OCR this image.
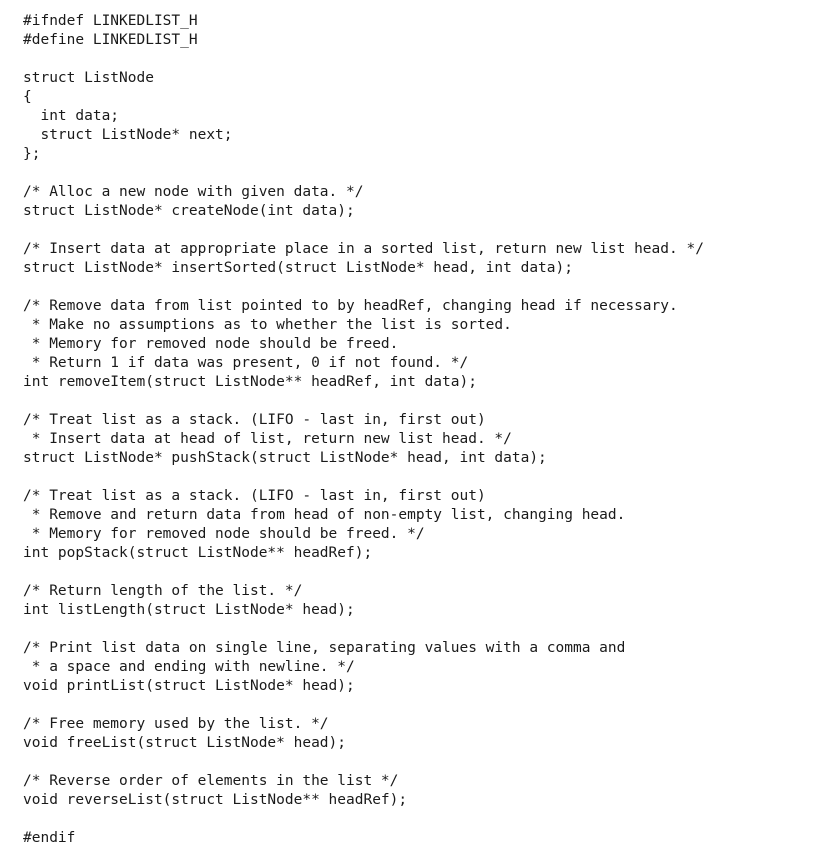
#ifndef LINKEDLIST_H
#define LINKEDLIST_H
struct ListNode
{
int data;
struct ListNode* next;
};
/* Alloc a new node with given data. */
struct ListNode* createNode(int data);
/* Insert data at appropriate place in a sorted list, return new list head. */
struct ListNode* insertSorted(struct ListNode* head, int data);
/* Remove data from list pointed to by headRef, changing head if necessary.
* Make no assumptions as to whether the list is sorted.
* Memory for removed node should be freed.
* Return 1 if data was present, 0 if not found. */
int removeItem(struct ListNode** headRef, int data);
/* Treat list as a stack. (LIFO - last in, first out)
* Insert data at head of list, return new list head. */
struct ListNode* pushStack(struct ListNode* head, int data);
/* Treat list as a stack. (LIFO - last in, first out)
* Remove and return data from head of non-empty list, changing head.
* Memory for removed node should be freed. */
int popStack(struct ListNode** headRef);
/* Return length of the list. */
int listLength(struct ListNode* head);
/* Print list data on single line, separating values with a comma and
* a space and ending with newline. */
void printList(struct ListNode* head);
/* Free memory used by the list. */
void freeList(struct ListNode* head);
/* Reverse order of elements in the list */
void reverseList(struct ListNode** headRef);
#endif
